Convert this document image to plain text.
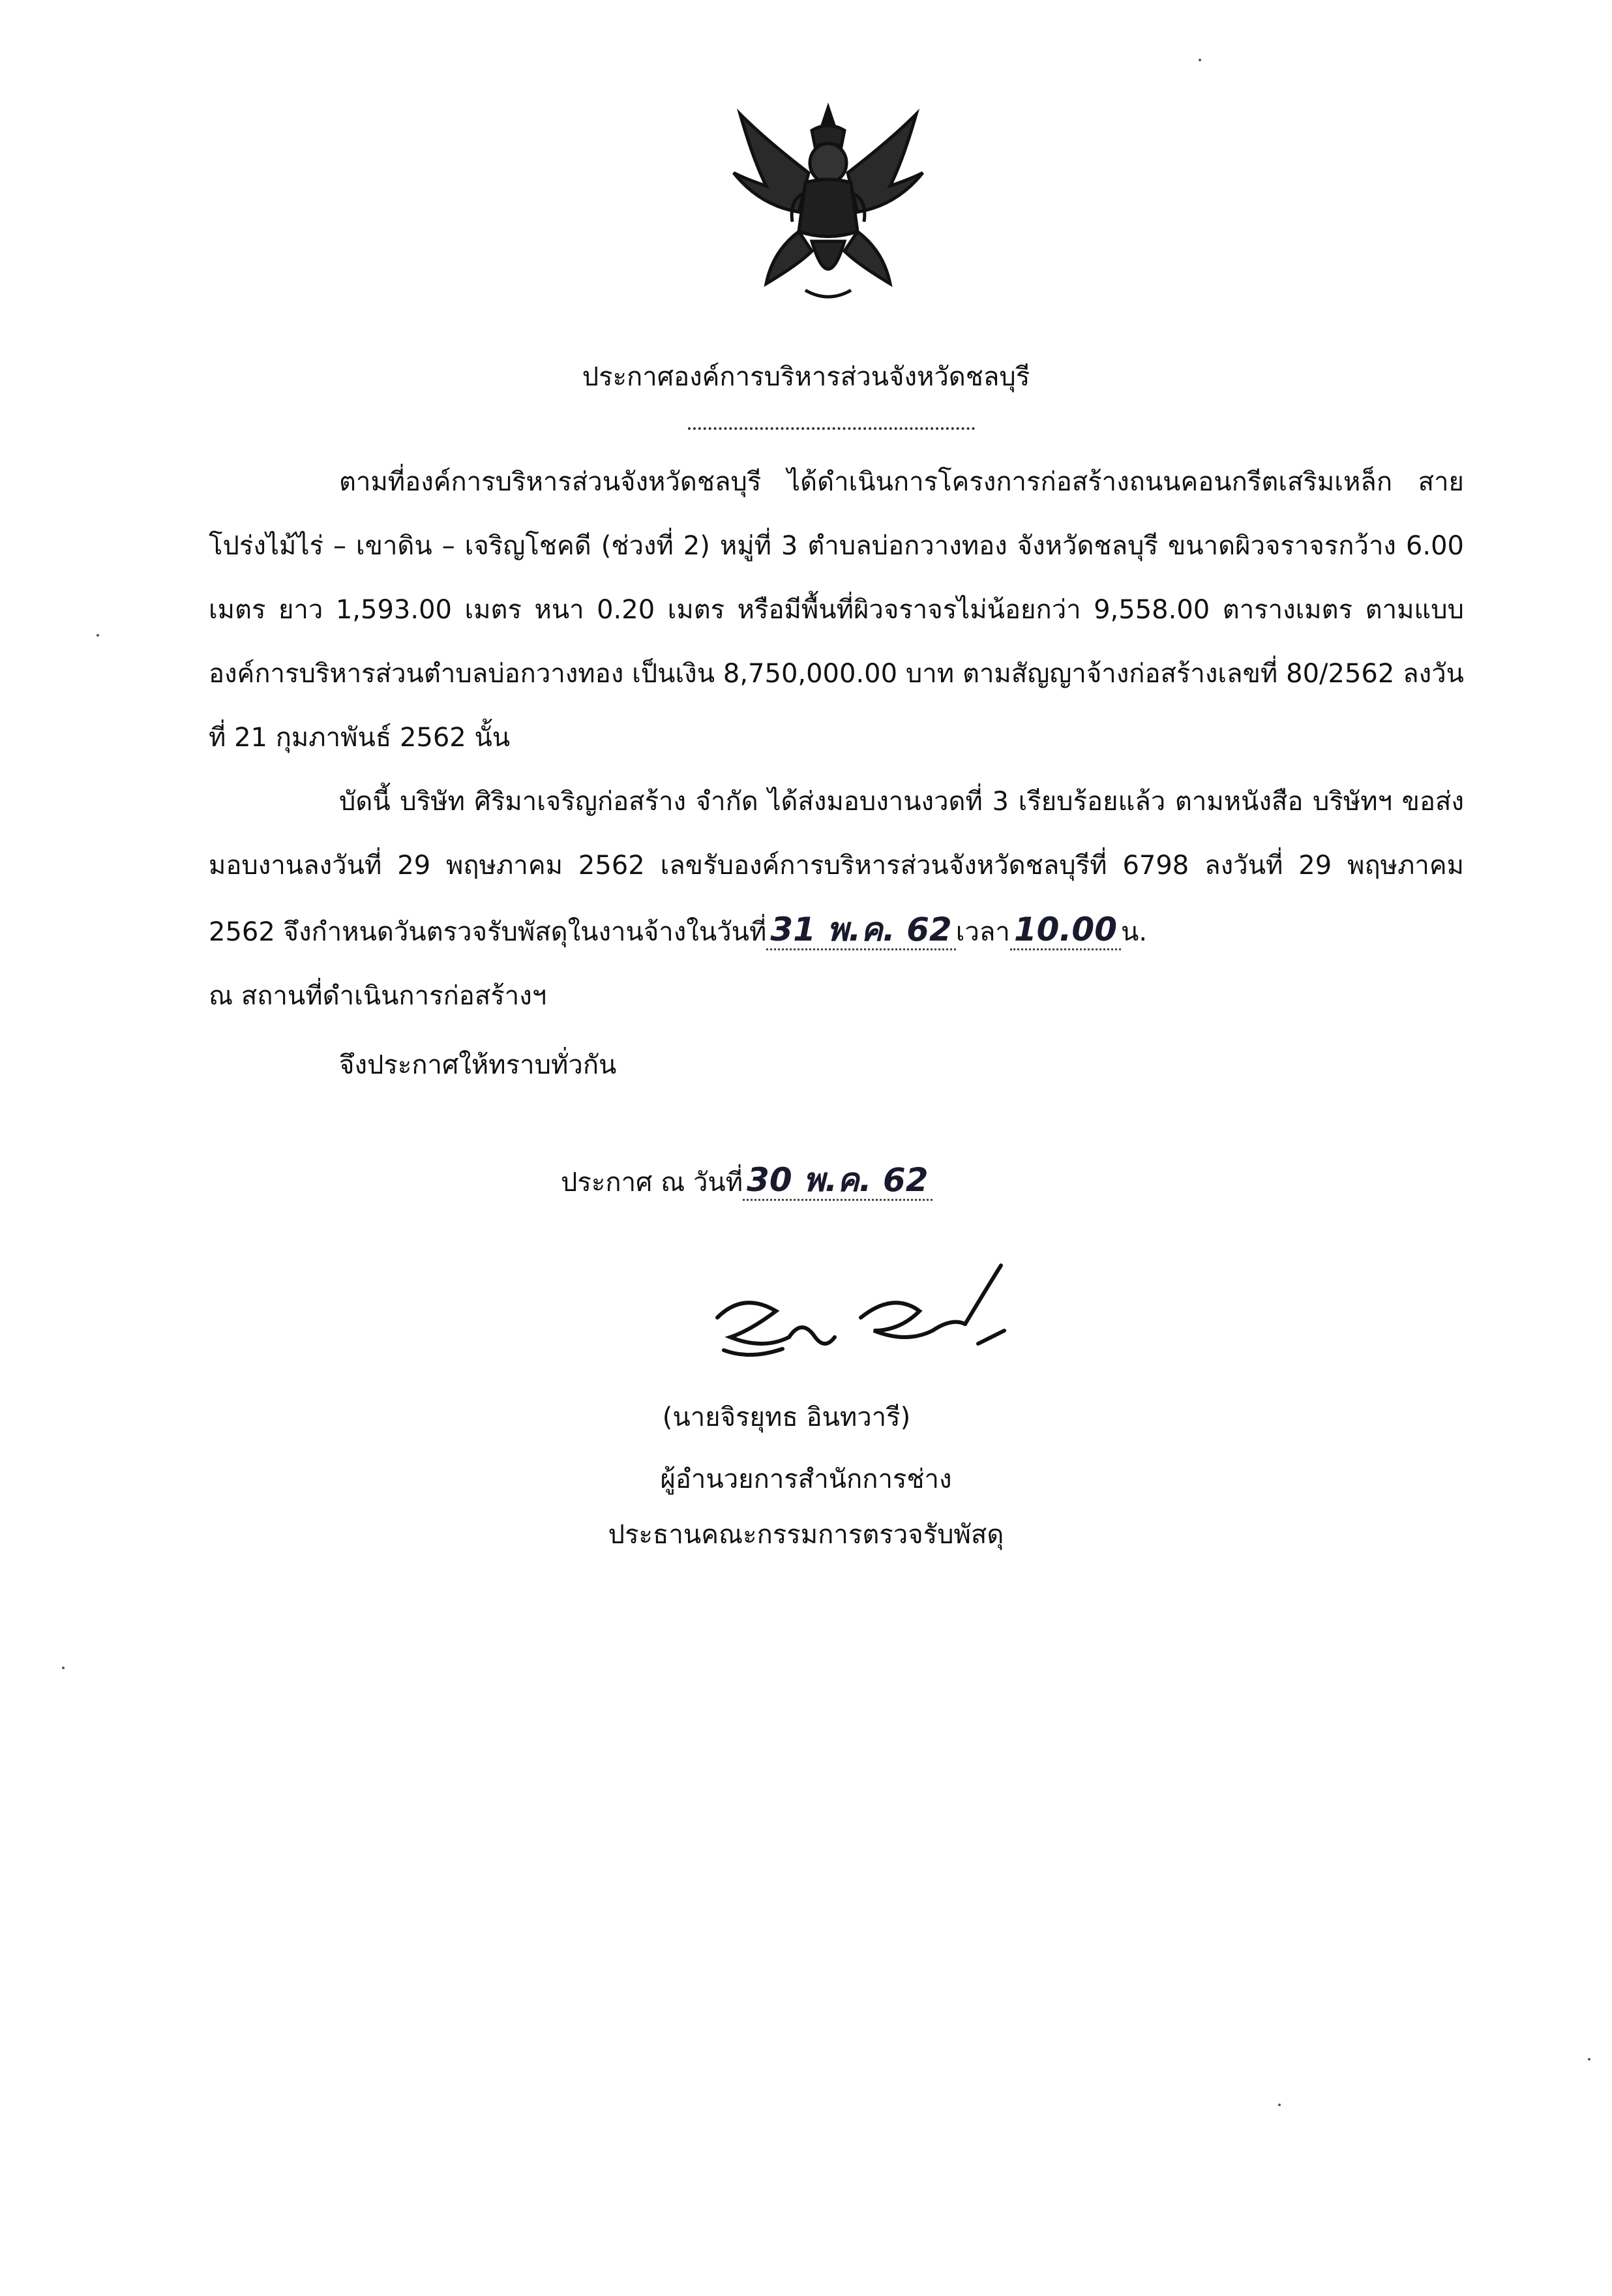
ประกาศองค์การบริหารส่วนจังหวัดชลบุรี
ตามที่องค์การบริหารส่วนจังหวัดชลบุรี ได้ดำเนินการโครงการก่อสร้างถนนคอนกรีตเสริมเหล็ก สายโปร่งไม้ไร่ – เขาดิน – เจริญโชคดี (ช่วงที่ 2) หมู่ที่ 3 ตำบลบ่อกวางทอง จังหวัดชลบุรี ขนาดผิวจราจรกว้าง 6.00 เมตร ยาว 1,593.00 เมตร หนา 0.20 เมตร หรือมีพื้นที่ผิวจราจรไม่น้อยกว่า 9,558.00 ตารางเมตร ตามแบบองค์การบริหารส่วนตำบลบ่อกวางทอง เป็นเงิน 8,750,000.00 บาท ตามสัญญาจ้างก่อสร้างเลขที่ 80/2562 ลงวันที่ 21 กุมภาพันธ์ 2562 นั้น
บัดนี้ บริษัท ศิริมาเจริญก่อสร้าง จำกัด ได้ส่งมอบงานงวดที่ 3 เรียบร้อยแล้ว ตามหนังสือ บริษัทฯ ขอส่งมอบงานลงวันที่ 29 พฤษภาคม 2562 เลขรับองค์การบริหารส่วนจังหวัดชลบุรีที่ 6798 ลงวันที่ 29 พฤษภาคม 2562 จึงกำหนดวันตรวจรับพัสดุในงานจ้างในวันที่ 31 พ.ค. 62 เวลา 10.00 น.
ณ สถานที่ดำเนินการก่อสร้างฯ
จึงประกาศให้ทราบทั่วกัน
ประกาศ ณ วันที่ 30 พ.ค. 62
(นายจิรยุทธ อินทวารี)
ผู้อำนวยการสำนักการช่าง
ประธานคณะกรรมการตรวจรับพัสดุ
